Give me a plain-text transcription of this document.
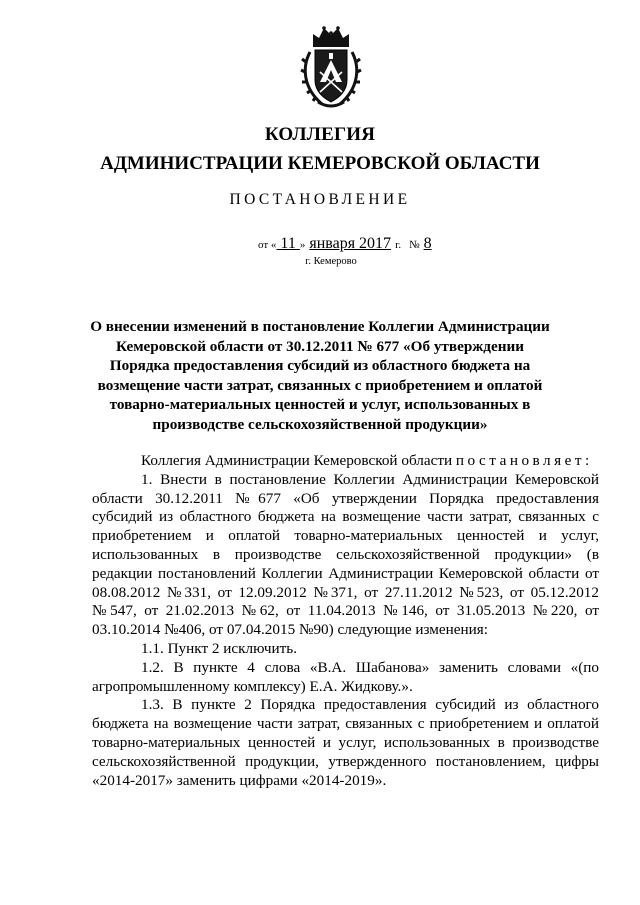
КОЛЛЕГИЯ
АДМИНИСТРАЦИИ КЕМЕРОВСКОЙ ОБЛАСТИ
ПОСТАНОВЛЕНИЕ
от « 11 » января 2017 г. № 8
г. Кемерово
О внесении изменений в постановление Коллегии Администрации Кемеровской области от 30.12.2011 № 677 «Об утверждении Порядка предоставления субсидий из областного бюджета на возмещение части затрат, связанных с приобретением и оплатой товарно-материальных ценностей и услуг, использованных в производстве сельскохозяйственной продукции»

Коллегия Администрации Кемеровской области постановляет:

1. Внести в постановление Коллегии Администрации Кемеровской области 30.12.2011 №677 «Об утверждении Порядка предоставления субсидий из областного бюджета на возмещение части затрат, связанных с приобретением и оплатой товарно-материальных ценностей и услуг, использованных в производстве сельскохозяйственной продукции» (в редакции постановлений Коллегии Администрации Кемеровской области от 08.08.2012 №331, от 12.09.2012 №371, от 27.11.2012 №523, от 05.12.2012 №547, от 21.02.2013 №62, от 11.04.2013 №146, от 31.05.2013 №220, от 03.10.2014 №406, от 07.04.2015 №90) следующие изменения:

1.1. Пункт 2 исключить.

1.2. В пункте 4 слова «В.А. Шабанова» заменить словами «(по агропромышленному комплексу) Е.А. Жидкову.».

1.3. В пункте 2 Порядка предоставления субсидий из областного бюджета на возмещение части затрат, связанных с приобретением и оплатой товарно-материальных ценностей и услуг, использованных в производстве сельскохозяйственной продукции, утвержденного постановлением, цифры «2014-2017» заменить цифрами «2014-2019».
